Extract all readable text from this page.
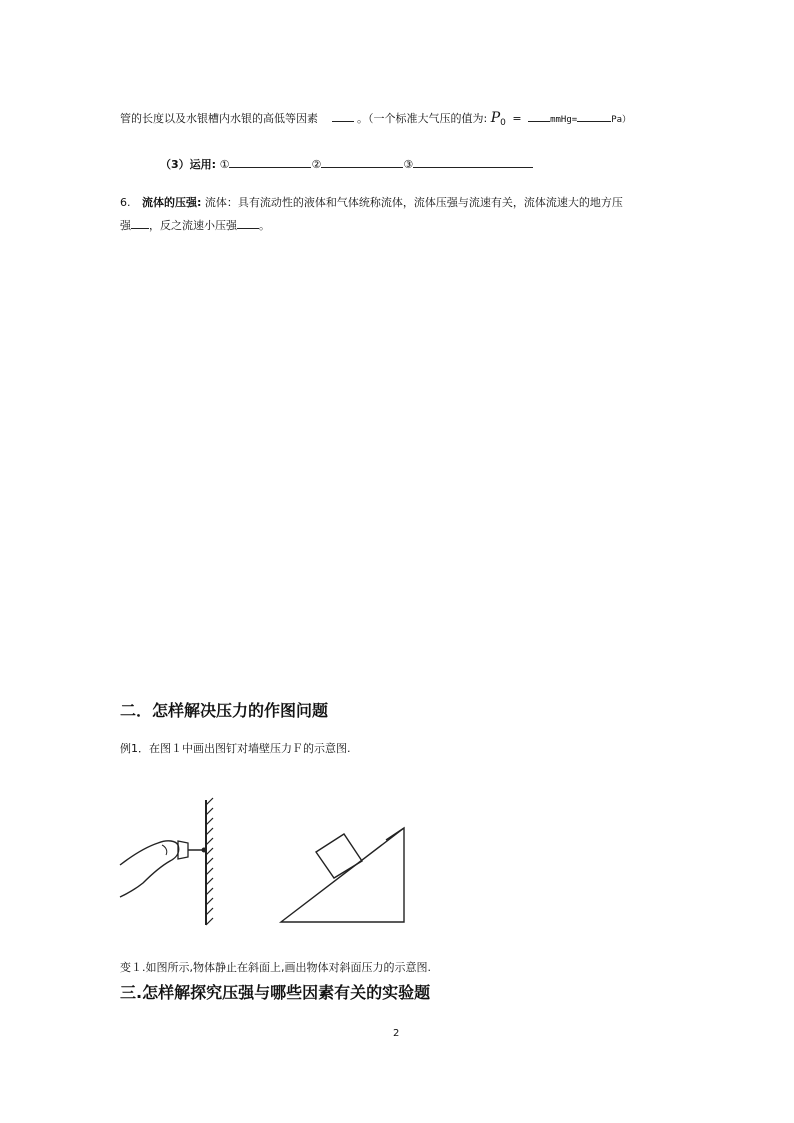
管的长度以及水银槽内水银的高低等因素	。（一个标准大气压的值为: $P_0$ =	mmHg=	Pa）
（3）运用: ①	②	③
6. 流体的压强: 流体：具有流动性的液体和气体统称流体，流体压强与流速有关，流体流速大的地方压
强 ，反之流速小压强 。
二．怎样解决压力的作图问题
例1．在图１中画出图钉对墙壁压力Ｆ的示意图.
变１.如图所示,物体静止在斜面上,画出物体对斜面压力的示意图.
三.怎样解探究压强与哪些因素有关的实验题
2
